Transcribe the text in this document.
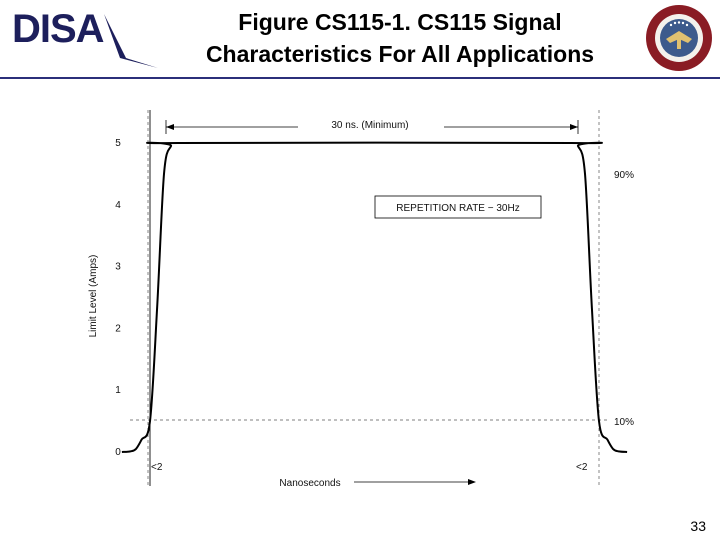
DISA	Figure CS115-1. CS115 Signal
Characteristics For All Applications
Limit Level (Amps)
0
1
2
3
4
5
30 ns. (Minimum)
90%
10%
REPETITION RATE − 30Hz
<2	<2
Nanoseconds
33
